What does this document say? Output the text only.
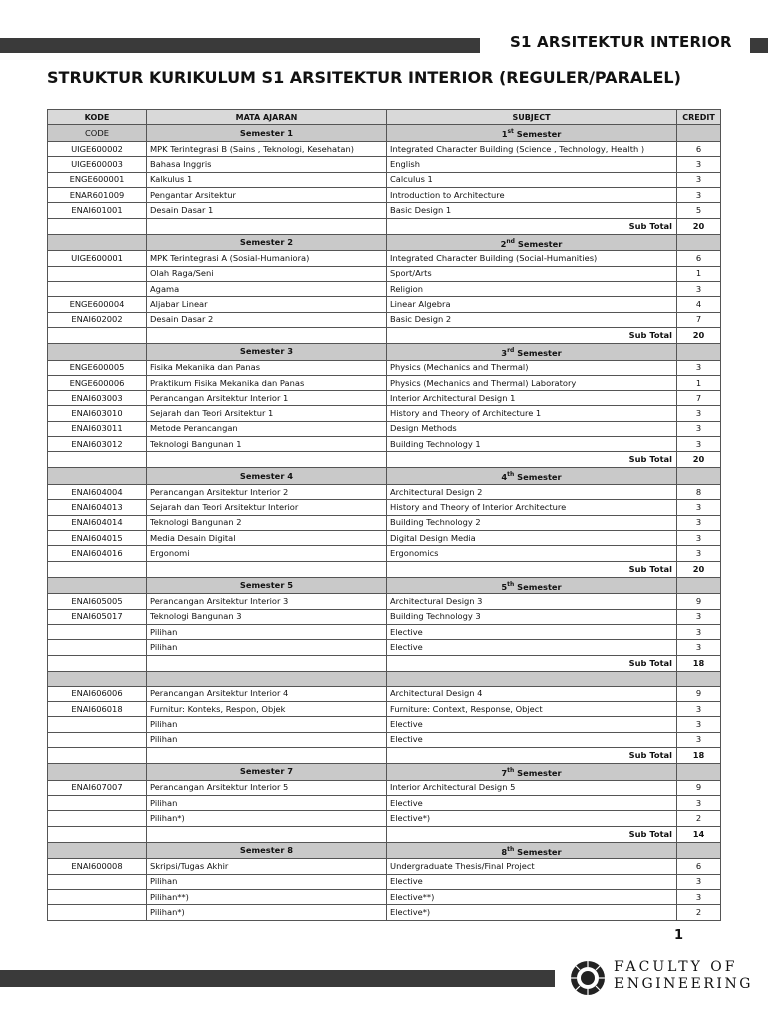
S1 ARSITEKTUR INTERIOR
STRUKTUR KURIKULUM S1 ARSITEKTUR INTERIOR (REGULER/PARALEL)
KODE	MATA AJARAN	SUBJECT	CREDIT
CODE	Semester 1	1st Semester	
UIGE600002	MPK Terintegrasi B (Sains , Teknologi, Kesehatan)	Integrated Character Building (Science , Technology, Health )	6
UIGE600003	Bahasa Inggris	English	3
ENGE600001	Kalkulus 1	Calculus 1	3
ENAR601009	Pengantar Arsitektur	Introduction to Architecture	3
ENAI601001	Desain Dasar 1	Basic Design 1	5
		Sub Total	20
	Semester 2	2nd Semester	
UIGE600001	MPK Terintegrasi A (Sosial-Humaniora)	Integrated Character Building (Social-Humanities)	6
	Olah Raga/Seni	Sport/Arts	1
	Agama	Religion	3
ENGE600004	Aljabar Linear	Linear Algebra	4
ENAI602002	Desain Dasar 2	Basic Design 2	7
		Sub Total	20
	Semester 3	3rd Semester	
ENGE600005	Fisika Mekanika dan Panas	Physics (Mechanics and Thermal)	3
ENGE600006	Praktikum Fisika Mekanika dan Panas	Physics (Mechanics and Thermal) Laboratory	1
ENAI603003	Perancangan Arsitektur Interior 1	Interior Architectural Design 1	7
ENAI603010	Sejarah dan Teori Arsitektur 1	History and Theory of Architecture 1	3
ENAI603011	Metode Perancangan	Design Methods	3
ENAI603012	Teknologi Bangunan 1	Building Technology 1	3
		Sub Total	20
	Semester 4	4th Semester	
ENAI604004	Perancangan Arsitektur Interior 2	Architectural Design 2	8
ENAI604013	Sejarah dan Teori Arsitektur Interior	History and Theory of Interior Architecture	3
ENAI604014	Teknologi Bangunan 2	Building Technology 2	3
ENAI604015	Media Desain Digital	Digital Design Media	3
ENAI604016	Ergonomi	Ergonomics	3
		Sub Total	20
	Semester 5	5th Semester	
ENAI605005	Perancangan Arsitektur Interior 3	Architectural Design 3	9
ENAI605017	Teknologi Bangunan 3	Building Technology 3	3
	Pilihan	Elective	3
	Pilihan	Elective	3
		Sub Total	18

ENAI606006	Perancangan Arsitektur Interior 4	Architectural Design 4	9
ENAI606018	Furnitur: Konteks, Respon, Objek	Furniture: Context, Response, Object	3
	Pilihan	Elective	3
	Pilihan	Elective	3
		Sub Total	18
	Semester 7	7th Semester	
ENAI607007	Perancangan Arsitektur Interior 5	Interior Architectural Design 5	9
	Pilihan	Elective	3
	Pilihan*)	Elective*)	2
		Sub Total	14
	Semester 8	8th Semester	
ENAI600008	Skripsi/Tugas Akhir	Undergraduate Thesis/Final Project	6
	Pilihan	Elective	3
	Pilihan**)	Elective**)	3
	Pilihan*)	Elective*)	2
1
FACULTY OF
ENGINEERING
